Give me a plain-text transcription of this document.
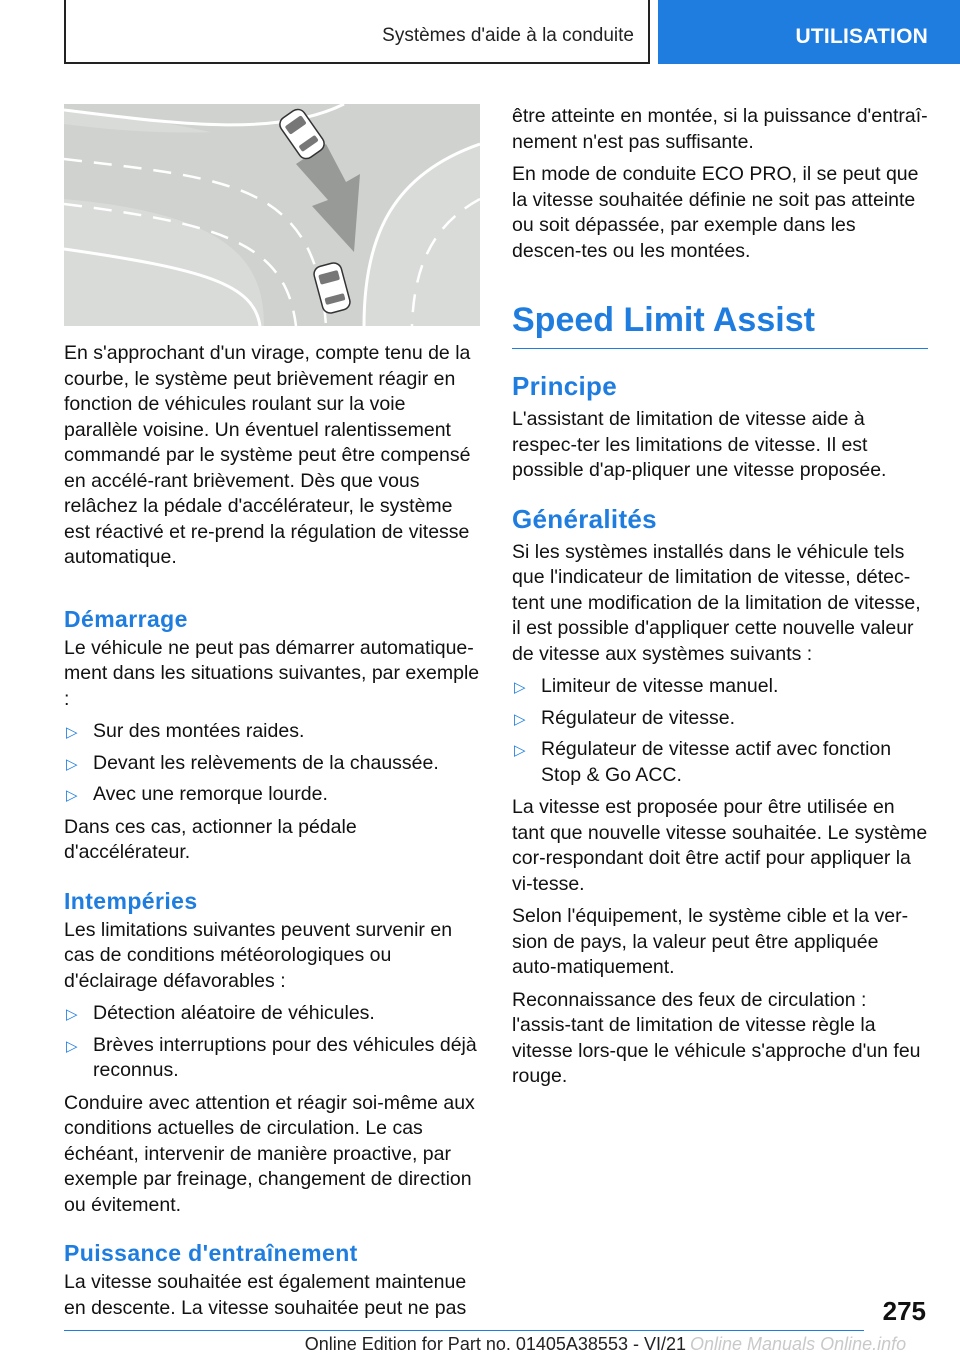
Systèmes d'aide à la conduite	UTILISATION

En s'approchant d'un virage, compte tenu de la courbe, le système peut brièvement réagir en fonction de véhicules roulant sur la voie parallèle voisine. Un éventuel ralentissement commandé par le système peut être compensé en accélé-rant brièvement. Dès que vous relâchez la pédale d'accélérateur, le système est réactivé et re-prend la régulation de vitesse automatique.

Démarrage

Le véhicule ne peut pas démarrer automatique-ment dans les situations suivantes, par exemple :

▷ Sur des montées raides.
▷ Devant les relèvements de la chaussée.
▷ Avec une remorque lourde.

Dans ces cas, actionner la pédale d'accélérateur.

Intempéries

Les limitations suivantes peuvent survenir en cas de conditions météorologiques ou d'éclairage défavorables :

▷ Détection aléatoire de véhicules.
▷ Brèves interruptions pour des véhicules déjà reconnus.

Conduire avec attention et réagir soi-même aux conditions actuelles de circulation. Le cas échéant, intervenir de manière proactive, par exemple par freinage, changement de direction ou évitement.

Puissance d'entraînement

La vitesse souhaitée est également maintenue en descente. La vitesse souhaitée peut ne pas

être atteinte en montée, si la puissance d'entraî-nement n'est pas suffisante.

En mode de conduite ECO PRO, il se peut que la vitesse souhaitée définie ne soit pas atteinte ou soit dépassée, par exemple dans les descen-tes ou les montées.

Speed Limit Assist
Principe

L'assistant de limitation de vitesse aide à respec-ter les limitations de vitesse. Il est possible d'ap-pliquer une vitesse proposée.

Généralités

Si les systèmes installés dans le véhicule tels que l'indicateur de limitation de vitesse, détec-tent une modification de la limitation de vitesse, il est possible d'appliquer cette nouvelle valeur de vitesse aux systèmes suivants :

▷ Limiteur de vitesse manuel.
▷ Régulateur de vitesse.
▷ Régulateur de vitesse actif avec fonction Stop & Go ACC.

La vitesse est proposée pour être utilisée en tant que nouvelle vitesse souhaitée. Le système cor-respondant doit être actif pour appliquer la vi-tesse.

Selon l'équipement, le système cible et la ver-sion de pays, la valeur peut être appliquée auto-matiquement.

Reconnaissance des feux de circulation : l'assis-tant de limitation de vitesse règle la vitesse lors-que le véhicule s'approche d'un feu rouge.

275
Online Edition for Part no. 01405A38553 - VI/21 Online Manuals Online.info
